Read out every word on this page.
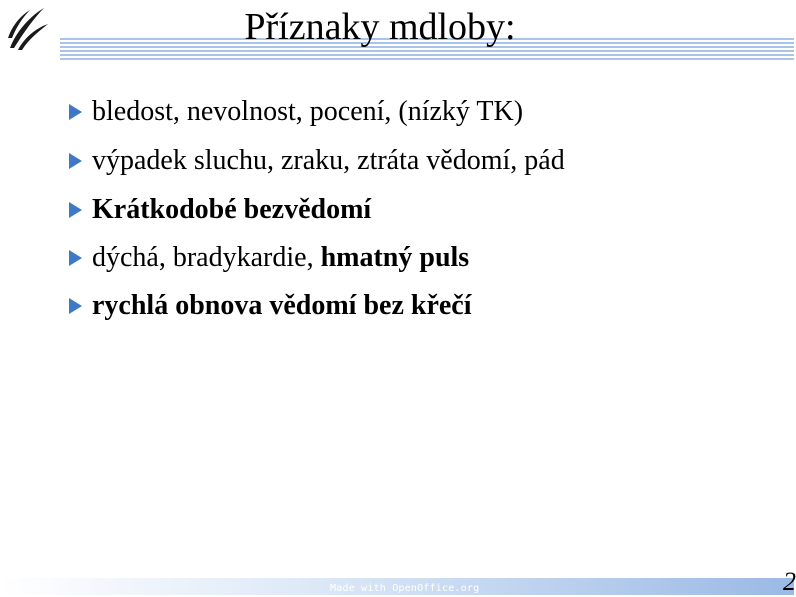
Příznaky mdloby:
bledost, nevolnost, pocení, (nízký TK)
výpadek sluchu, zraku, ztráta vědomí, pád
Krátkodobé bezvědomí
dýchá, bradykardie, hmatný puls
rychlá obnova vědomí bez křečí
Made with OpenOffice.org	2
